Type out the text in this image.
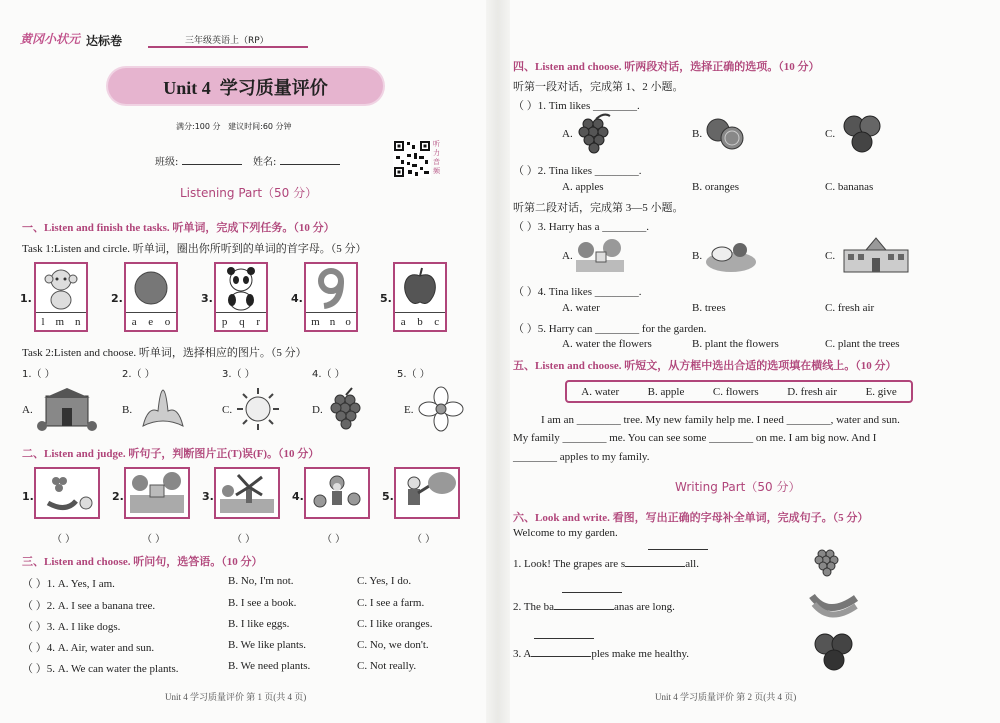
黄冈小状元 达标卷	三年级英语上（RP）
Unit 4  学习质量评价
满分:100 分   建议时间:60 分钟
班级:	姓名:
听力音频
Listening Part（50 分）
一、Listen and finish the tasks. 听单词，完成下列任务。（10 分）
Task 1:Listen and circle. 听单词，圈出你所听到的单词的首字母。（5 分）
1.
l m n
2.
a e o
3.
p q r
4.
m n o
5.
a b c
Task 2:Listen and choose. 听单词，选择相应的图片。（5 分）
1.（ ）	2.（ ）	3.（ ）	4.（ ）	5.（ ）
A.	B.	C.	D.	E.
二、Listen and judge. 听句子，判断图片正(T)误(F)。（10 分）
1.
（ ）
2.
（ ）
3.
（ ）
4.
（ ）
5.
（ ）
三、Listen and choose. 听问句，选答语。（10 分）
（ ）1. A. Yes, I am.	B. No, I'm not.	C. Yes, I do.
（ ）2. A. I see a banana tree.	B. I see a book.	C. I see a farm.
（ ）3. A. I like dogs.	B. I like eggs.	C. I like oranges.
（ ）4. A. Air, water and sun.	B. We like plants.	C. No, we don't.
（ ）5. A. We can water the plants.	B. We need plants.	C. Not really.
Unit 4 学习质量评价 第 1 页(共 4 页)
四、Listen and choose. 听两段对话，选择正确的选项。（10 分）
听第一段对话，完成第 1、2 小题。
（ ）1. Tim likes ________.
A.	B.	C.
（ ）2. Tina likes ________.
A. apples	B. oranges	C. bananas
听第二段对话，完成第 3—5 小题。
（ ）3. Harry has a ________.
A.	B.	C.
（ ）4. Tina likes ________.
A. water	B. trees	C. fresh air
（ ）5. Harry can ________ for the garden.
A. water the flowers	B. plant the flowers	C. plant the trees
五、Listen and choose. 听短文，从方框中选出合适的选项填在横线上。（10 分）
A. water	B. apple	C. flowers	D. fresh air	E. give
I am an ________ tree. My new family help me. I need ________, water and sun.
My family ________ me. You can see some ________ on me. I am big now. And I
________ apples to my family.
Writing Part（50 分）
六、Look and write. 看图，写出正确的字母补全单词，完成句子。（5 分）
Welcome to my garden.
1. Look! The grapes are s	all.
2. The ba	anas are long.
3. A	ples make me healthy.
Unit 4 学习质量评价 第 2 页(共 4 页)
